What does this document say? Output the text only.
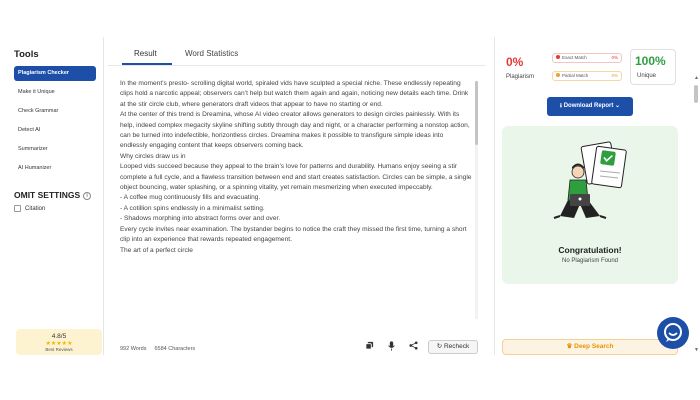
Tools
Plagiarism Checker
Make it Unique
Check Grammar
Detect AI
Summarizer
AI Humanizer
OMIT SETTINGS i
Citation
4.8/5
★★★★★
Best Reviews
Result	Word Statistics

In the moment’s presto- scrolling digital world, spiraled vids have sculpted a special niche. These endlessly repeating clips hold a narcotic appeal; observers can’t help but watch them again and again, noticing new details each time. Drink at the stir circle club, where generators draft videos that appear to have no starting or end.

At the center of this trend is Dreamina, whose AI video creator allows generators to design circles painlessly. With its help, indeed complex megacity skyline shifting subtly through day and night, or a character performing a nonstop action, can be turned into indefectible, horizontless circles. Dreamina makes it possible to transfigure simple ideas into endlessly engaging content that keeps observers coming back.

Why circles draw us in

Looped vids succeed because they appeal to the brain’s love for patterns and durability. Humans enjoy seeing a stir complete a full cycle, and a flawless transition between end and start creates satisfaction. Circles can be simple, a single object bouncing, water splashing, or a spinning vitality, yet remain mesmerizing when executed impeccably.

- A coffee mug continuously fills and evacuating.

- A cotillion spins endlessly in a minimalist setting.

- Shadows morphing into abstract forms over and over.

Every cycle invites near examination. The bystander begins to notice the craft they missed the first time, turning a short clip into an experience that rewards repeated engagement.

The art of a perfect circle

992 Words 6584 Characters	↻ Recheck
0%
Plagiarism
Exact Match	0%
Partial Match	0%
100%
Unique
⭳ Download Report ⌄
Congratulation!
No Plagiarism Found
♛ Deep Search
▲
▼
